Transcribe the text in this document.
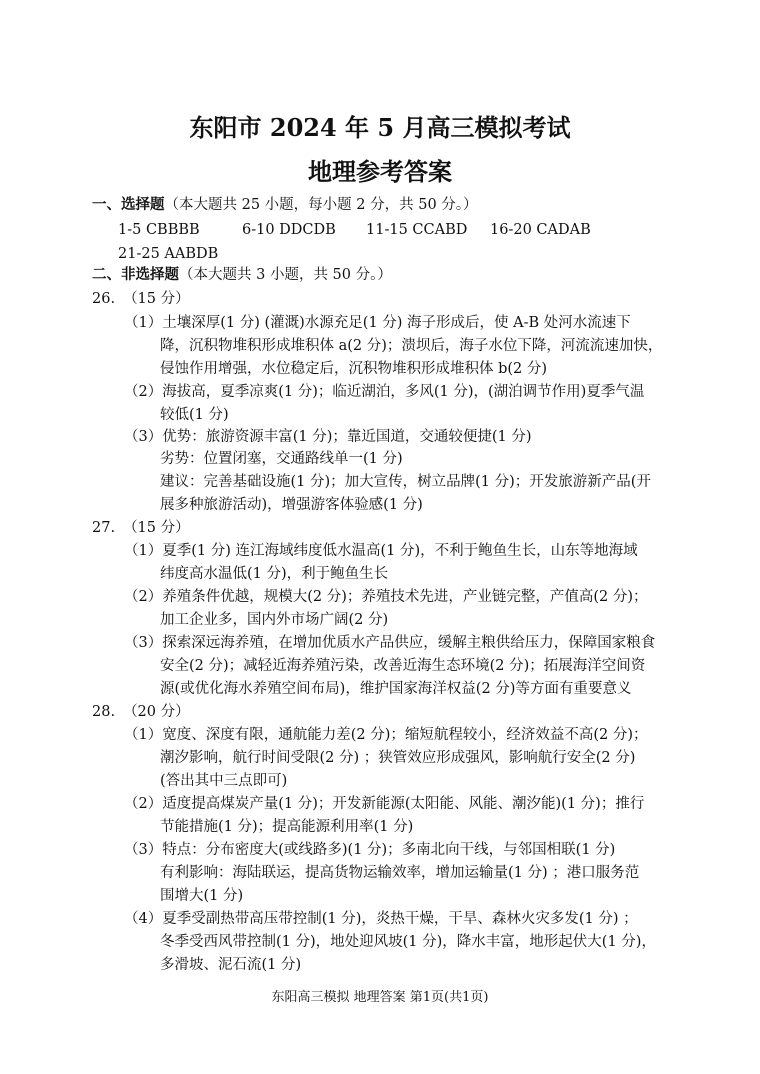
东阳市 2024 年 5 月高三模拟考试
地理参考答案
一、选择题（本大题共 25 小题，每小题 2 分，共 50 分。）
1-5 CBBBB	6-10 DDCDB 11-15 CCABD 16-20 CADAB
21-25 AABDB
二、非选择题（本大题共 3 小题，共 50 分。）
26. （15 分）
（1）土壤深厚(1 分) (灌溉)水源充足(1 分) 海子形成后，使 A-B 处河水流速下
降，沉积物堆积形成堆积体 a(2 分)；溃坝后，海子水位下降，河流流速加快，
侵蚀作用增强，水位稳定后，沉积物堆积形成堆积体 b(2 分)
（2）海拔高，夏季凉爽(1 分)；临近湖泊，多风(1 分)，(湖泊调节作用)夏季气温
较低(1 分)
（3）优势：旅游资源丰富(1 分)；靠近国道，交通较便捷(1 分)
劣势：位置闭塞，交通路线单一(1 分)
建议：完善基础设施(1 分)；加大宣传，树立品牌(1 分)；开发旅游新产品(开
展多种旅游活动)，增强游客体验感(1 分)
27. （15 分）
（1）夏季(1 分) 连江海域纬度低水温高(1 分)，不利于鲍鱼生长，山东等地海域
纬度高水温低(1 分)，利于鲍鱼生长
（2）养殖条件优越，规模大(2 分)；养殖技术先进，产业链完整，产值高(2 分)；
加工企业多，国内外市场广阔(2 分)
（3）探索深远海养殖，在增加优质水产品供应，缓解主粮供给压力，保障国家粮食
安全(2 分)；减轻近海养殖污染，改善近海生态环境(2 分)；拓展海洋空间资
源(或优化海水养殖空间布局)，维护国家海洋权益(2 分)等方面有重要意义
28. （20 分）
（1）宽度、深度有限，通航能力差(2 分)；缩短航程较小，经济效益不高(2 分)；
潮汐影响，航行时间受限(2 分) ；狭管效应形成强风，影响航行安全(2 分)
(答出其中三点即可)
（2）适度提高煤炭产量(1 分)；开发新能源(太阳能、风能、潮汐能)(1 分)；推行
节能措施(1 分)；提高能源利用率(1 分)
（3）特点：分布密度大(或线路多)(1 分)；多南北向干线，与邻国相联(1 分)
有利影响：海陆联运，提高货物运输效率，增加运输量(1 分) ；港口服务范
围增大(1 分)
（4）夏季受副热带高压带控制(1 分)，炎热干燥，干旱、森林火灾多发(1 分) ；
冬季受西风带控制(1 分)，地处迎风坡(1 分)，降水丰富，地形起伏大(1 分)，
多滑坡、泥石流(1 分)
东阳高三模拟 地理答案 第1页(共1页)
